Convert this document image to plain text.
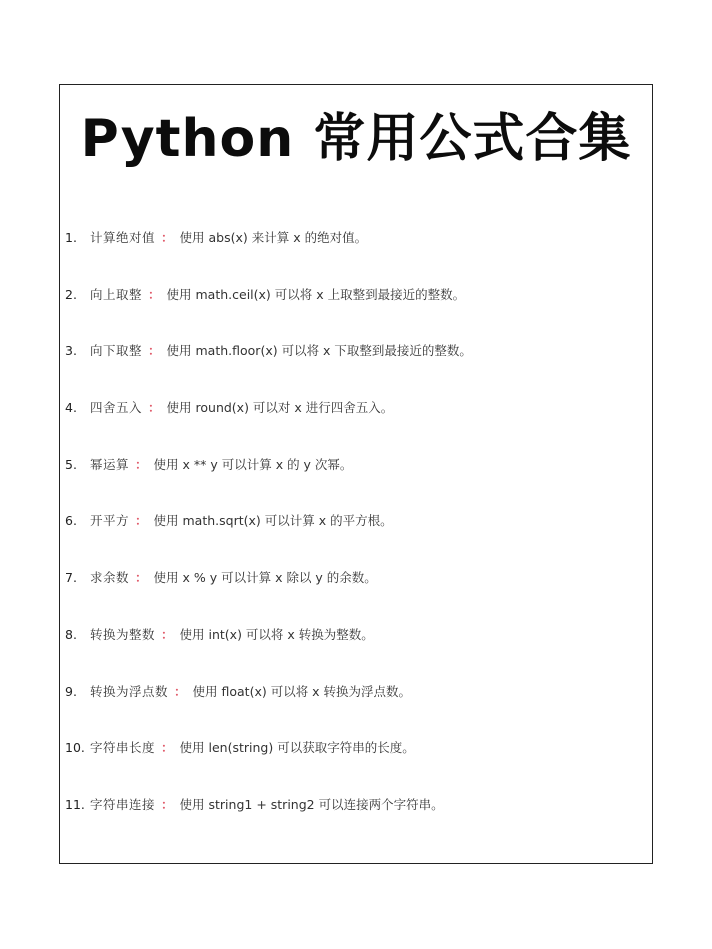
Python 常用公式合集
1.	计算绝对值 ： 使用 abs(x) 来计算 x 的绝对值。
2.	向上取整 ： 使用 math.ceil(x) 可以将 x 上取整到最接近的整数。
3.	向下取整 ： 使用 math.floor(x) 可以将 x 下取整到最接近的整数。
4.	四舍五入 ： 使用 round(x) 可以对 x 进行四舍五入。
5.	幂运算 ： 使用 x ** y 可以计算 x 的 y 次幂。
6.	开平方 ： 使用 math.sqrt(x) 可以计算 x 的平方根。
7.	求余数 ： 使用 x % y 可以计算 x 除以 y 的余数。
8.	转换为整数 ： 使用 int(x) 可以将 x 转换为整数。
9.	转换为浮点数 ： 使用 float(x) 可以将 x 转换为浮点数。
10. 字符串长度 ： 使用 len(string) 可以获取字符串的长度。
11. 字符串连接 ： 使用 string1 + string2 可以连接两个字符串。
